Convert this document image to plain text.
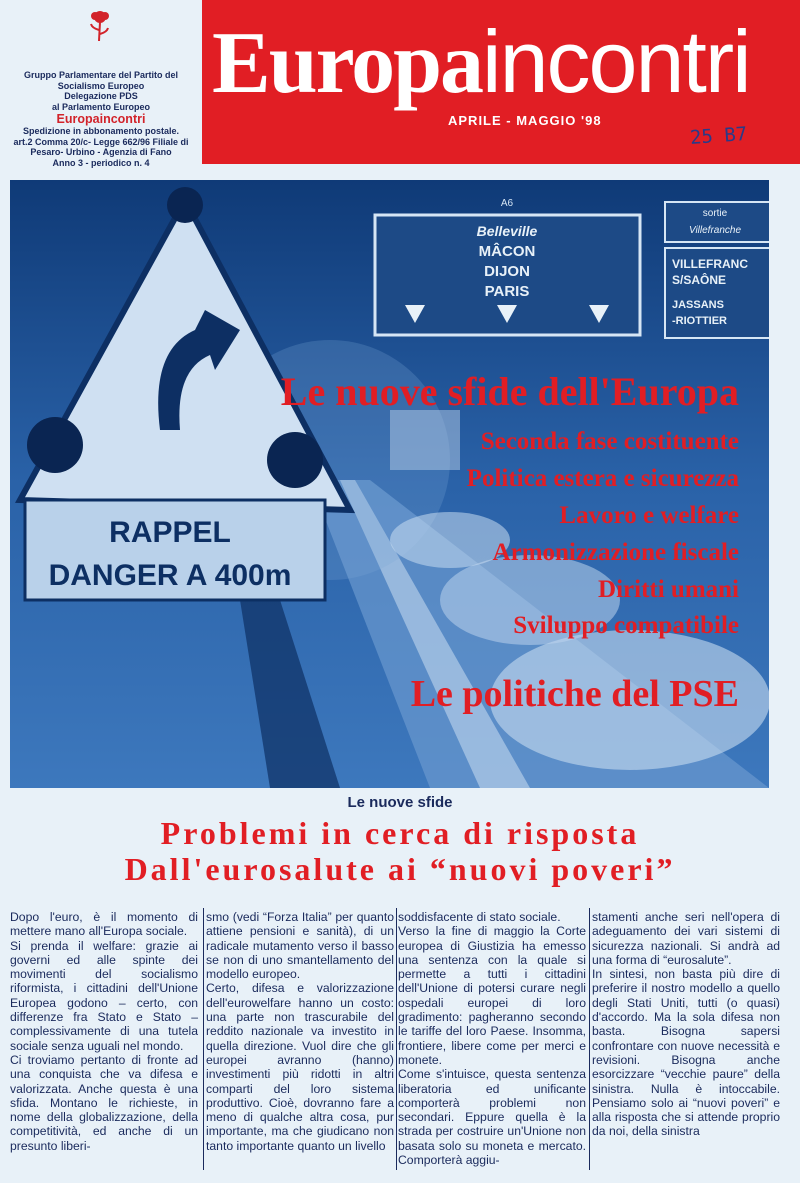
Gruppo Parlamentare del Partito del
Socialismo Europeo
Delegazione PDS
al Parlamento Europeo
Europaincontri
Spedizione in abbonamento postale.
art.2 Comma 20/c- Legge 662/96 Filiale di
Pesaro- Urbino - Agenzia di Fano
Anno 3 - periodico n. 4
Europaincontri
APRILE - MAGGIO '98
25 B7
A6
Belleville
MÂCON
DIJON
PARIS
sortie
Villefranche
VILLEFRANC
S/SAÔNE
JASSANS
-RIOTTIER
RAPPEL
DANGER A 400m
Le nuove sfide dell'Europa
Seconda fase costituente
Politica estera e sicurezza
Lavoro e welfare
Armonizzazione fiscale
Diritti umani
Sviluppo compatibile
Le politiche del PSE
Le nuove sfide
Problemi in cerca di risposta
Dall'eurosalute ai “nuovi poveri”

Dopo l'euro, è il momento di mettere mano all'Europa sociale.

Si prenda il welfare: grazie ai governi ed alle spinte dei movimenti del socialismo riformista, i cittadini dell'Unione Europea godono – certo, con differenze fra Stato e Stato – complessivamente di una tutela sociale senza uguali nel mondo.

Ci troviamo pertanto di fronte ad una conquista che va difesa e valorizzata. Anche questa è una sfida. Montano le richieste, in nome della globalizzazione, della competitività, ed anche di un presunto liberi-

smo (vedi “Forza Italia” per quanto attiene pensioni e sanità), di un radicale mutamento verso il basso se non di uno smantellamento del modello europeo.

Certo, difesa e valorizzazione dell'eurowelfare hanno un costo: una parte non trascurabile del reddito nazionale va investito in quella direzione. Vuol dire che gli europei avranno (hanno) investimenti più ridotti in altri comparti del loro sistema produttivo. Cioè, dovranno fare a meno di qualche altra cosa, pur importante, ma che giudicano non tanto importante quanto un livello

soddisfacente di stato sociale.

Verso la fine di maggio la Corte europea di Giustizia ha emesso una sentenza con la quale si permette a tutti i cittadini dell'Unione di potersi curare negli ospedali europei di loro gradimento: pagheranno secondo le tariffe del loro Paese. Insomma, frontiere, libere come per merci e monete.

Come s'intuisce, questa sentenza liberatoria ed unificante comporterà problemi non secondari. Eppure quella è la strada per costruire un'Unione non basata solo su moneta e mercato. Comporterà aggiu-

stamenti anche seri nell'opera di adeguamento dei vari sistemi di sicurezza nazionali. Si andrà ad una forma di “eurosalute”.

In sintesi, non basta più dire di preferire il nostro modello a quello degli Stati Uniti, tutti (o quasi) d'accordo. Ma la sola difesa non basta. Bisogna sapersi confrontare con nuove necessità e revisioni. Bisogna anche esorcizzare “vecchie paure” della sinistra. Nulla è intoccabile. Pensiamo solo ai “nuovi poveri” e alla risposta che si attende proprio da noi, della sinistra
